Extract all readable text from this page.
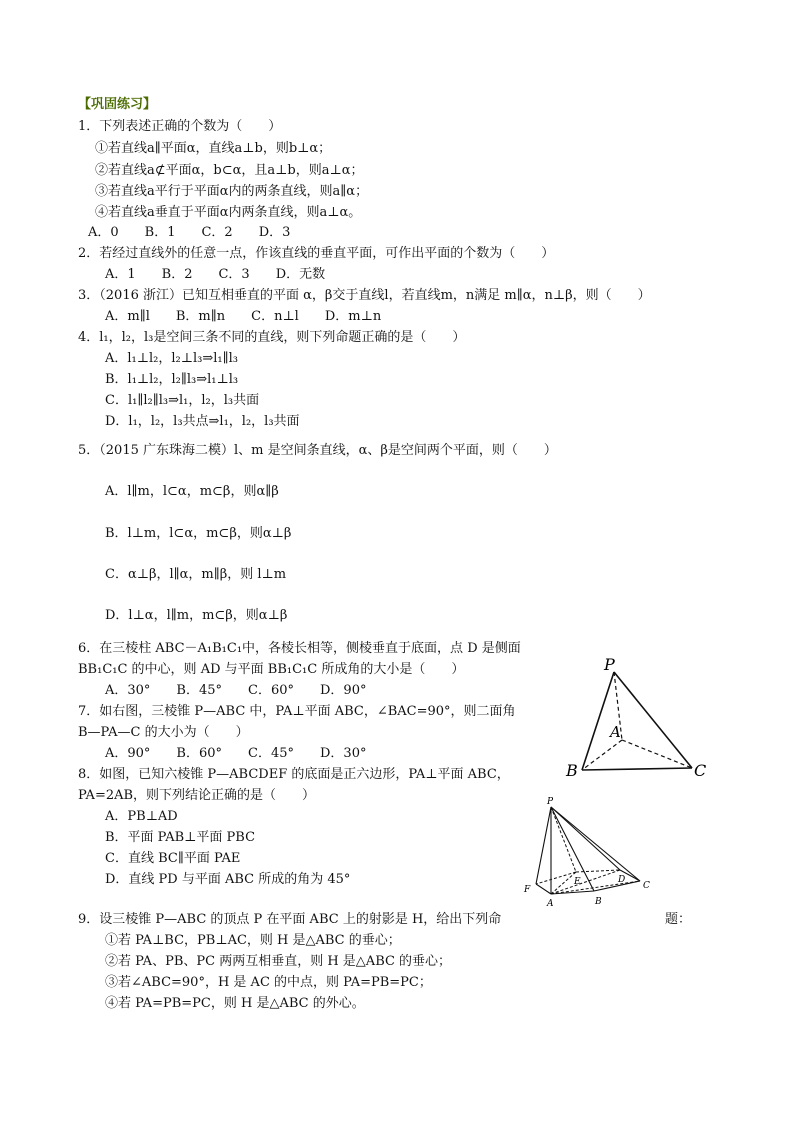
【巩固练习】
1．下列表述正确的个数为（　　）
①若直线a∥平面α，直线a⊥b，则b⊥α；
②若直线a⊄平面α，b⊂α，且a⊥b，则a⊥α；
③若直线a平行于平面α内的两条直线，则a∥α；
④若直线a垂直于平面α内两条直线，则a⊥α。
A．0　　B．1　　C．2　　D．3
2．若经过直线外的任意一点，作该直线的垂直平面，可作出平面的个数为（　　）
A．1　　B．2　　C．3　　D．无数
3．（2016 浙江）已知互相垂直的平面 α，β交于直线l，若直线m，n满足 m∥α，n⊥β，则（　　）
A．m∥l　　B．m∥n　　C．n⊥l　　D．m⊥n
4．l₁，l₂，l₃是空间三条不同的直线，则下列命题正确的是（　　）
A．l₁⊥l₂，l₂⊥l₃⇒l₁∥l₃
B．l₁⊥l₂，l₂∥l₃⇒l₁⊥l₃
C．l₁∥l₂∥l₃⇒l₁，l₂，l₃共面
D．l₁，l₂，l₃共点⇒l₁，l₂，l₃共面
5．（2015 广东珠海二模）l、m 是空间条直线，α、β是空间两个平面，则（　　）
A．l∥m，l⊂α，m⊂β，则α∥β
B．l⊥m，l⊂α，m⊂β，则α⊥β
C．α⊥β，l∥α，m∥β，则 l⊥m
D．l⊥α，l∥m，m⊂β，则α⊥β
6．在三棱柱 ABC－A₁B₁C₁中，各棱长相等，侧棱垂直于底面，点 D 是侧面
BB₁C₁C 的中心，则 AD 与平面 BB₁C₁C 所成角的大小是（　　）
A．30°　　B．45°　　C．60°　　D．90°
7．如右图，三棱锥 P—ABC 中，PA⊥平面 ABC，∠BAC=90°，则二面角
B—PA—C 的大小为（　　）
A．90°　　B．60°　　C．45°　　D．30°
8．如图，已知六棱锥 P—ABCDEF 的底面是正六边形，PA⊥平面 ABC，
PA=2AB，则下列结论正确的是（　　）
A．PB⊥AD
B．平面 PAB⊥平面 PBC
C．直线 BC∥平面 PAE
D．直线 PD 与平面 ABC 所成的角为 45°
9．设三棱锥 P—ABC 的顶点 P 在平面 ABC 上的射影是 H，给出下列命	题：
①若 PA⊥BC，PB⊥AC，则 H 是△ABC 的垂心；
②若 PA、PB、PC 两两互相垂直，则 H 是△ABC 的垂心；
③若∠ABC=90°，H 是 AC 的中点，则 PA=PB=PC；
④若 PA=PB=PC，则 H 是△ABC 的外心。
P
A
B	C
P
A	B
C
D
E
F
